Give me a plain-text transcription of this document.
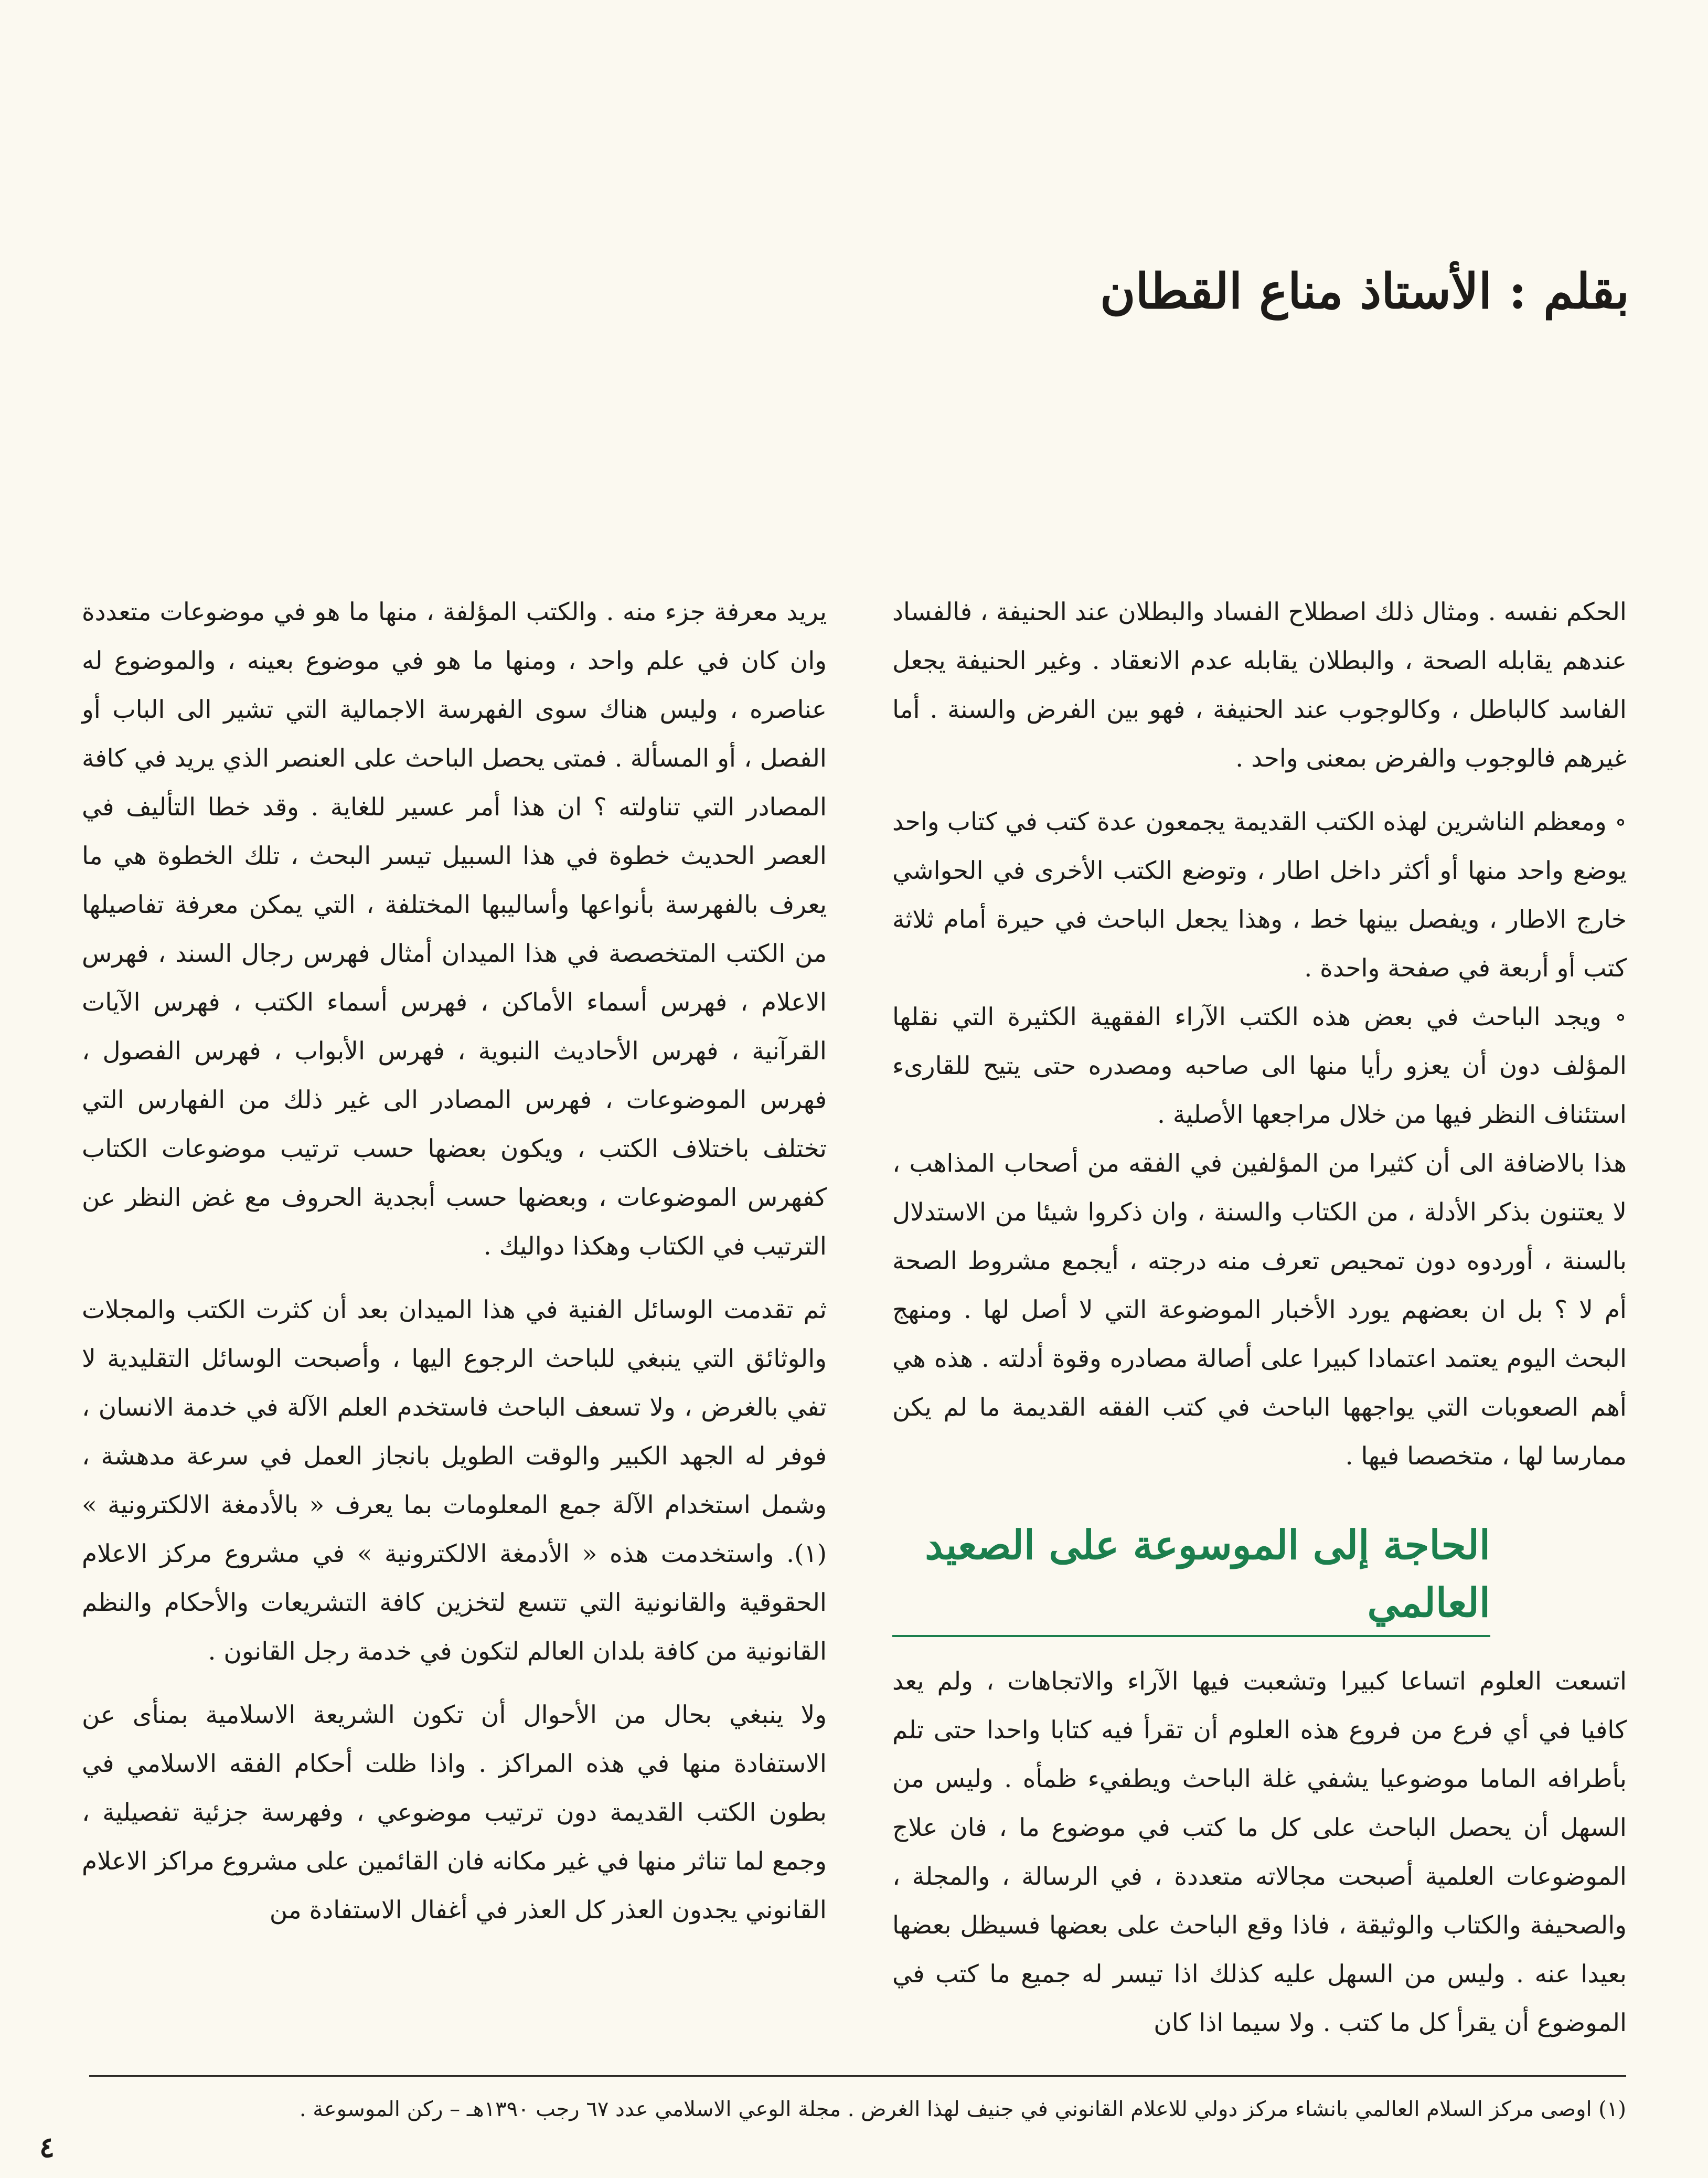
بقلم : الأستاذ مناع القطان

الحكم نفسه . ومثال ذلك اصطلاح الفساد والبطلان عند الحنيفة ، فالفساد عندهم يقابله الصحة ، والبطلان يقابله عدم الانعقاد . وغير الحنيفة يجعل الفاسد كالباطل ، وكالوجوب عند الحنيفة ، فهو بين الفرض والسنة . أما غيرهم فالوجوب والفرض بمعنى واحد .

∘ ومعظم الناشرين لهذه الكتب القديمة يجمعون عدة كتب في كتاب واحد يوضع واحد منها أو أكثر داخل اطار ، وتوضع الكتب الأخرى في الحواشي خارج الاطار ، ويفصل بينها خط ، وهذا يجعل الباحث في حيرة أمام ثلاثة كتب أو أربعة في صفحة واحدة .

∘ ويجد الباحث في بعض هذه الكتب الآراء الفقهية الكثيرة التي نقلها المؤلف دون أن يعزو رأيا منها الى صاحبه ومصدره حتى يتيح للقارىء استئناف النظر فيها من خلال مراجعها الأصلية .

هذا بالاضافة الى أن كثيرا من المؤلفين في الفقه من أصحاب المذاهب ، لا يعتنون بذكر الأدلة ، من الكتاب والسنة ، وان ذكروا شيئا من الاستدلال بالسنة ، أوردوه دون تمحيص تعرف منه درجته ، أيجمع مشروط الصحة أم لا ؟ بل ان بعضهم يورد الأخبار الموضوعة التي لا أصل لها . ومنهج البحث اليوم يعتمد اعتمادا كبيرا على أصالة مصادره وقوة أدلته . هذه هي أهم الصعوبات التي يواجهها الباحث في كتب الفقه القديمة ما لم يكن ممارسا لها ، متخصصا فيها .

الحاجة إلى الموسوعة على الصعيد العالمي

اتسعت العلوم اتساعا كبيرا وتشعبت فيها الآراء والاتجاهات ، ولم يعد كافيا في أي فرع من فروع هذه العلوم أن تقرأ فيه كتابا واحدا حتى تلم بأطرافه الماما موضوعيا يشفي غلة الباحث ويطفيء ظمأه . وليس من السهل أن يحصل الباحث على كل ما كتب في موضوع ما ، فان علاج الموضوعات العلمية أصبحت مجالاته متعددة ، في الرسالة ، والمجلة ، والصحيفة والكتاب والوثيقة ، فاذا وقع الباحث على بعضها فسيظل بعضها بعيدا عنه . وليس من السهل عليه كذلك اذا تيسر له جميع ما كتب في الموضوع أن يقرأ كل ما كتب . ولا سيما اذا كان

يريد معرفة جزء منه . والكتب المؤلفة ، منها ما هو في موضوعات متعددة وان كان في علم واحد ، ومنها ما هو في موضوع بعينه ، والموضوع له عناصره ، وليس هناك سوى الفهرسة الاجمالية التي تشير الى الباب أو الفصل ، أو المسألة . فمتى يحصل الباحث على العنصر الذي يريد في كافة المصادر التي تناولته ؟ ان هذا أمر عسير للغاية . وقد خطا التأليف في العصر الحديث خطوة في هذا السبيل تيسر البحث ، تلك الخطوة هي ما يعرف بالفهرسة بأنواعها وأساليبها المختلفة ، التي يمكن معرفة تفاصيلها من الكتب المتخصصة في هذا الميدان أمثال فهرس رجال السند ، فهرس الاعلام ، فهرس أسماء الأماكن ، فهرس أسماء الكتب ، فهرس الآيات القرآنية ، فهرس الأحاديث النبوية ، فهرس الأبواب ، فهرس الفصول ، فهرس الموضوعات ، فهرس المصادر الى غير ذلك من الفهارس التي تختلف باختلاف الكتب ، ويكون بعضها حسب ترتيب موضوعات الكتاب كفهرس الموضوعات ، وبعضها حسب أبجدية الحروف مع غض النظر عن الترتيب في الكتاب وهكذا دواليك .

ثم تقدمت الوسائل الفنية في هذا الميدان بعد أن كثرت الكتب والمجلات والوثائق التي ينبغي للباحث الرجوع اليها ، وأصبحت الوسائل التقليدية لا تفي بالغرض ، ولا تسعف الباحث فاستخدم العلم الآلة في خدمة الانسان ، فوفر له الجهد الكبير والوقت الطويل بانجاز العمل في سرعة مدهشة ، وشمل استخدام الآلة جمع المعلومات بما يعرف « بالأدمغة الالكترونية » (١). واستخدمت هذه « الأدمغة الالكترونية » في مشروع مركز الاعلام الحقوقية والقانونية التي تتسع لتخزين كافة التشريعات والأحكام والنظم القانونية من كافة بلدان العالم لتكون في خدمة رجل القانون .

ولا ينبغي بحال من الأحوال أن تكون الشريعة الاسلامية بمنأى عن الاستفادة منها في هذه المراكز . واذا ظلت أحكام الفقه الاسلامي في بطون الكتب القديمة دون ترتيب موضوعي ، وفهرسة جزئية تفصيلية ، وجمع لما تناثر منها في غير مكانه فان القائمين على مشروع مراكز الاعلام القانوني يجدون العذر كل العذر في أغفال الاستفادة من

(١) اوصى مركز السلام العالمي بانشاء مركز دولي للاعلام القانوني في جنيف لهذا الغرض . مجلة الوعي الاسلامي عدد ٦٧ رجب ١٣٩٠هـ – ركن الموسوعة .
٤
